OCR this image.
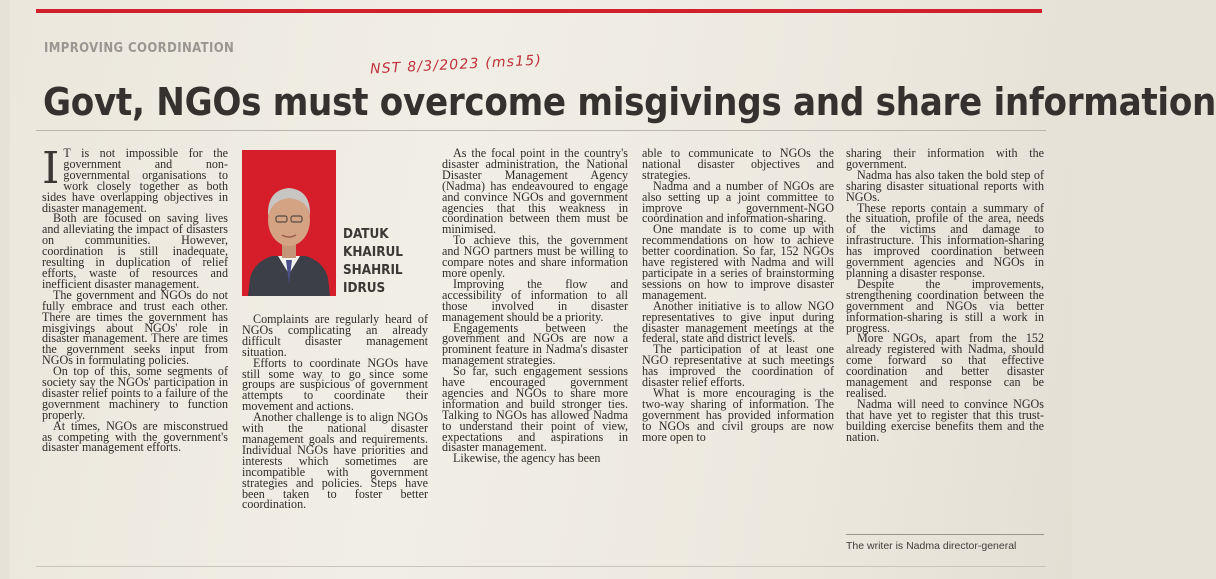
IMPROVING COORDINATION
NST 8/3/2023 (ms15)
Govt, NGOs must overcome misgivings and share information

I T is not impossible for the government and non-governmental organisations to work closely together as both sides have overlapping objectives in disaster management.

Both are focused on saving lives and alleviating the impact of disasters on communities. However, coordination is still inadequate, resulting in duplication of relief efforts, waste of resources and inefficient disaster management.

The government and NGOs do not fully embrace and trust each other. There are times the government has misgivings about NGOs' role in disaster management. There are times the government seeks input from NGOs in formulating policies.

On top of this, some segments of society say the NGOs' participation in disaster relief points to a failure of the government machinery to function properly.

At times, NGOs are misconstrued as competing with the government's disaster management efforts.

DATUK
KHAIRUL
SHAHRIL
IDRUS

Complaints are regularly heard of NGOs complicating an already difficult disaster management situation.

Efforts to coordinate NGOs have still some way to go since some groups are suspicious of government attempts to coordinate their movement and actions.

Another challenge is to align NGOs with the national disaster management goals and requirements. Individual NGOs have priorities and interests which sometimes are incompatible with government strategies and policies. Steps have been taken to foster better coordination.

As the focal point in the country's disaster administration, the National Disaster Management Agency (Nadma) has endeavoured to engage and convince NGOs and government agencies that this weakness in coordination between them must be minimised.

To achieve this, the government and NGO partners must be willing to compare notes and share information more openly.

Improving the flow and accessibility of information to all those involved in disaster management should be a priority.

Engagements between the government and NGOs are now a prominent feature in Nadma's disaster management strategies.

So far, such engagement sessions have encouraged government agencies and NGOs to share more information and build stronger ties. Talking to NGOs has allowed Nadma to understand their point of view, expectations and aspirations in disaster management.

Likewise, the agency has been

able to communicate to NGOs the national disaster objectives and strategies.

Nadma and a number of NGOs are also setting up a joint committee to improve government-NGO coordination and information-sharing.

One mandate is to come up with recommendations on how to achieve better coordination. So far, 152 NGOs have registered with Nadma and will participate in a series of brainstorming sessions on how to improve disaster management.

Another initiative is to allow NGO representatives to give input during disaster management meetings at the federal, state and district levels.

The participation of at least one NGO representative at such meetings has improved the coordination of disaster relief efforts.

What is more encouraging is the two-way sharing of information. The government has provided information to NGOs and civil groups are now more open to

sharing their information with the government.

Nadma has also taken the bold step of sharing disaster situational reports with NGOs.

These reports contain a summary of the situation, profile of the area, needs of the victims and damage to infrastructure. This information-sharing has improved coordination between government agencies and NGOs in planning a disaster response.

Despite the improvements, strengthening coordination between the government and NGOs via better information-sharing is still a work in progress.

More NGOs, apart from the 152 already registered with Nadma, should come forward so that effective coordination and better disaster management and response can be realised.

Nadma will need to convince NGOs that have yet to register that this trust-building exercise benefits them and the nation.

The writer is Nadma director-general
